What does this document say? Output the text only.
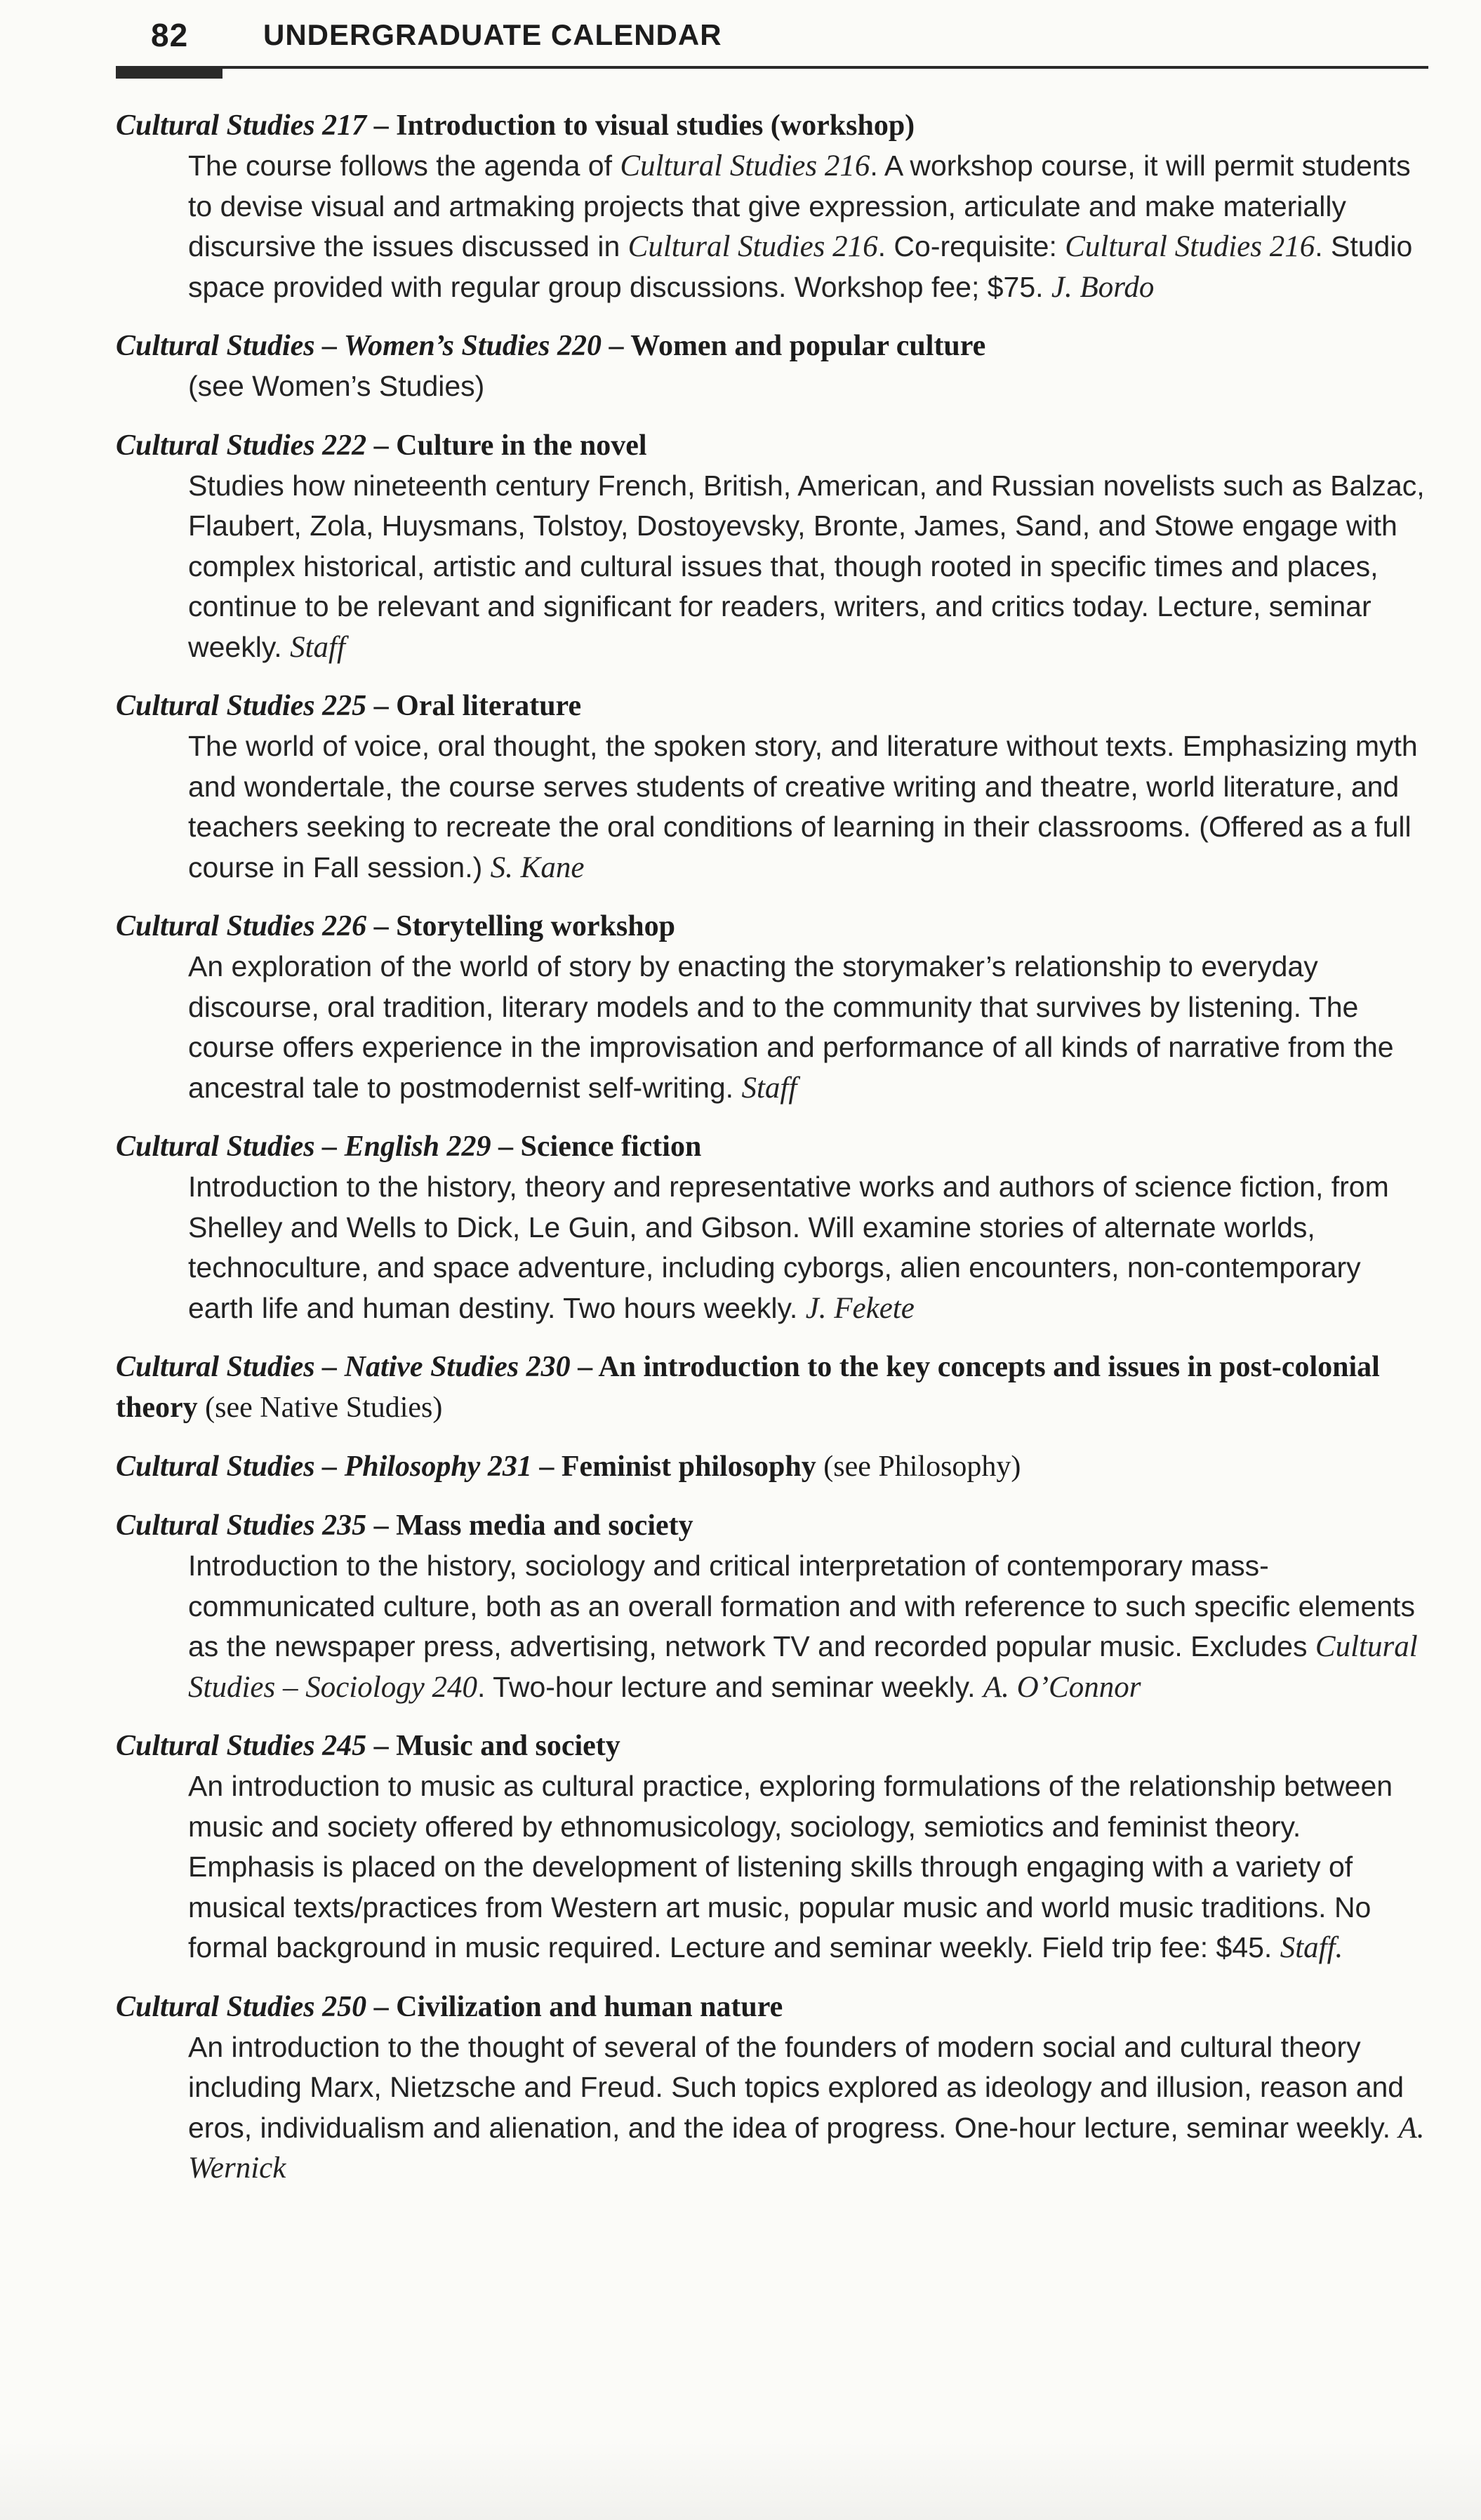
82	UNDERGRADUATE CALENDAR
Cultural Studies 217 – Introduction to visual studies (workshop)
The course follows the agenda of Cultural Studies 216. A workshop course, it will permit students to devise visual and artmaking projects that give expression, articulate and make materially discursive the issues discussed in Cultural Studies 216. Co-requisite: Cultural Studies 216. Studio space provided with regular group discussions. Workshop fee; $75. J. Bordo
Cultural Studies – Women’s Studies 220 – Women and popular culture
(see Women’s Studies)
Cultural Studies 222 – Culture in the novel
Studies how nineteenth century French, British, American, and Russian novelists such as Balzac, Flaubert, Zola, Huysmans, Tolstoy, Dostoyevsky, Bronte, James, Sand, and Stowe engage with complex historical, artistic and cultural issues that, though rooted in specific times and places, continue to be relevant and significant for readers, writers, and critics today. Lecture, seminar weekly. Staff
Cultural Studies 225 – Oral literature
The world of voice, oral thought, the spoken story, and literature without texts. Emphasizing myth and wondertale, the course serves students of creative writing and theatre, world literature, and teachers seeking to recreate the oral conditions of learning in their classrooms. (Offered as a full course in Fall session.) S. Kane
Cultural Studies 226 – Storytelling workshop
An exploration of the world of story by enacting the storymaker’s relationship to everyday discourse, oral tradition, literary models and to the community that survives by listening. The course offers experience in the improvisation and performance of all kinds of narrative from the ancestral tale to postmodernist self-writing. Staff
Cultural Studies – English 229 – Science fiction
Introduction to the history, theory and representative works and authors of science fiction, from Shelley and Wells to Dick, Le Guin, and Gibson. Will examine stories of alternate worlds, technoculture, and space adventure, including cyborgs, alien encounters, non-contemporary earth life and human destiny. Two hours weekly. J. Fekete
Cultural Studies – Native Studies 230 – An introduction to the key concepts and issues in post-colonial theory (see Native Studies)
Cultural Studies – Philosophy 231 – Feminist philosophy (see Philosophy)
Cultural Studies 235 – Mass media and society
Introduction to the history, sociology and critical interpretation of contemporary mass-communicated culture, both as an overall formation and with reference to such specific elements as the newspaper press, advertising, network TV and recorded popular music. Excludes Cultural Studies – Sociology 240. Two-hour lecture and seminar weekly. A. O’Connor
Cultural Studies 245 – Music and society
An introduction to music as cultural practice, exploring formulations of the relationship between music and society offered by ethnomusicology, sociology, semiotics and feminist theory. Emphasis is placed on the development of listening skills through engaging with a variety of musical texts/practices from Western art music, popular music and world music traditions. No formal background in music required. Lecture and seminar weekly. Field trip fee: $45. Staff.
Cultural Studies 250 – Civilization and human nature
An introduction to the thought of several of the founders of modern social and cultural theory including Marx, Nietzsche and Freud. Such topics explored as ideology and illusion, reason and eros, individualism and alienation, and the idea of progress. One-hour lecture, seminar weekly. A. Wernick
